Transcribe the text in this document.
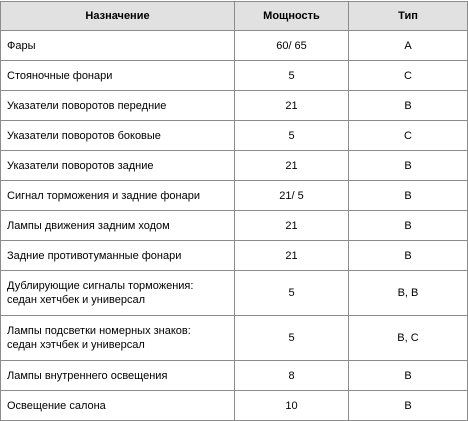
Назначение	Мощность	Тип
Фары	60/ 65	A
Стояночные фонари	5	C
Указатели поворотов передние	21	B
Указатели поворотов боковые	5	C
Указатели поворотов задние	21	B
Сигнал торможения и задние фонари	21/ 5	B
Лампы движения задним ходом	21	B
Задние противотуманные фонари	21	B
Дублирующие сигналы торможения:
седан хетчбек и универсал	5	B, B
Лампы подсветки номерных знаков:
седан хэтчбек и универсал	5	B, C
Лампы внутреннего освещения	8	B
Освещение салона	10	B
